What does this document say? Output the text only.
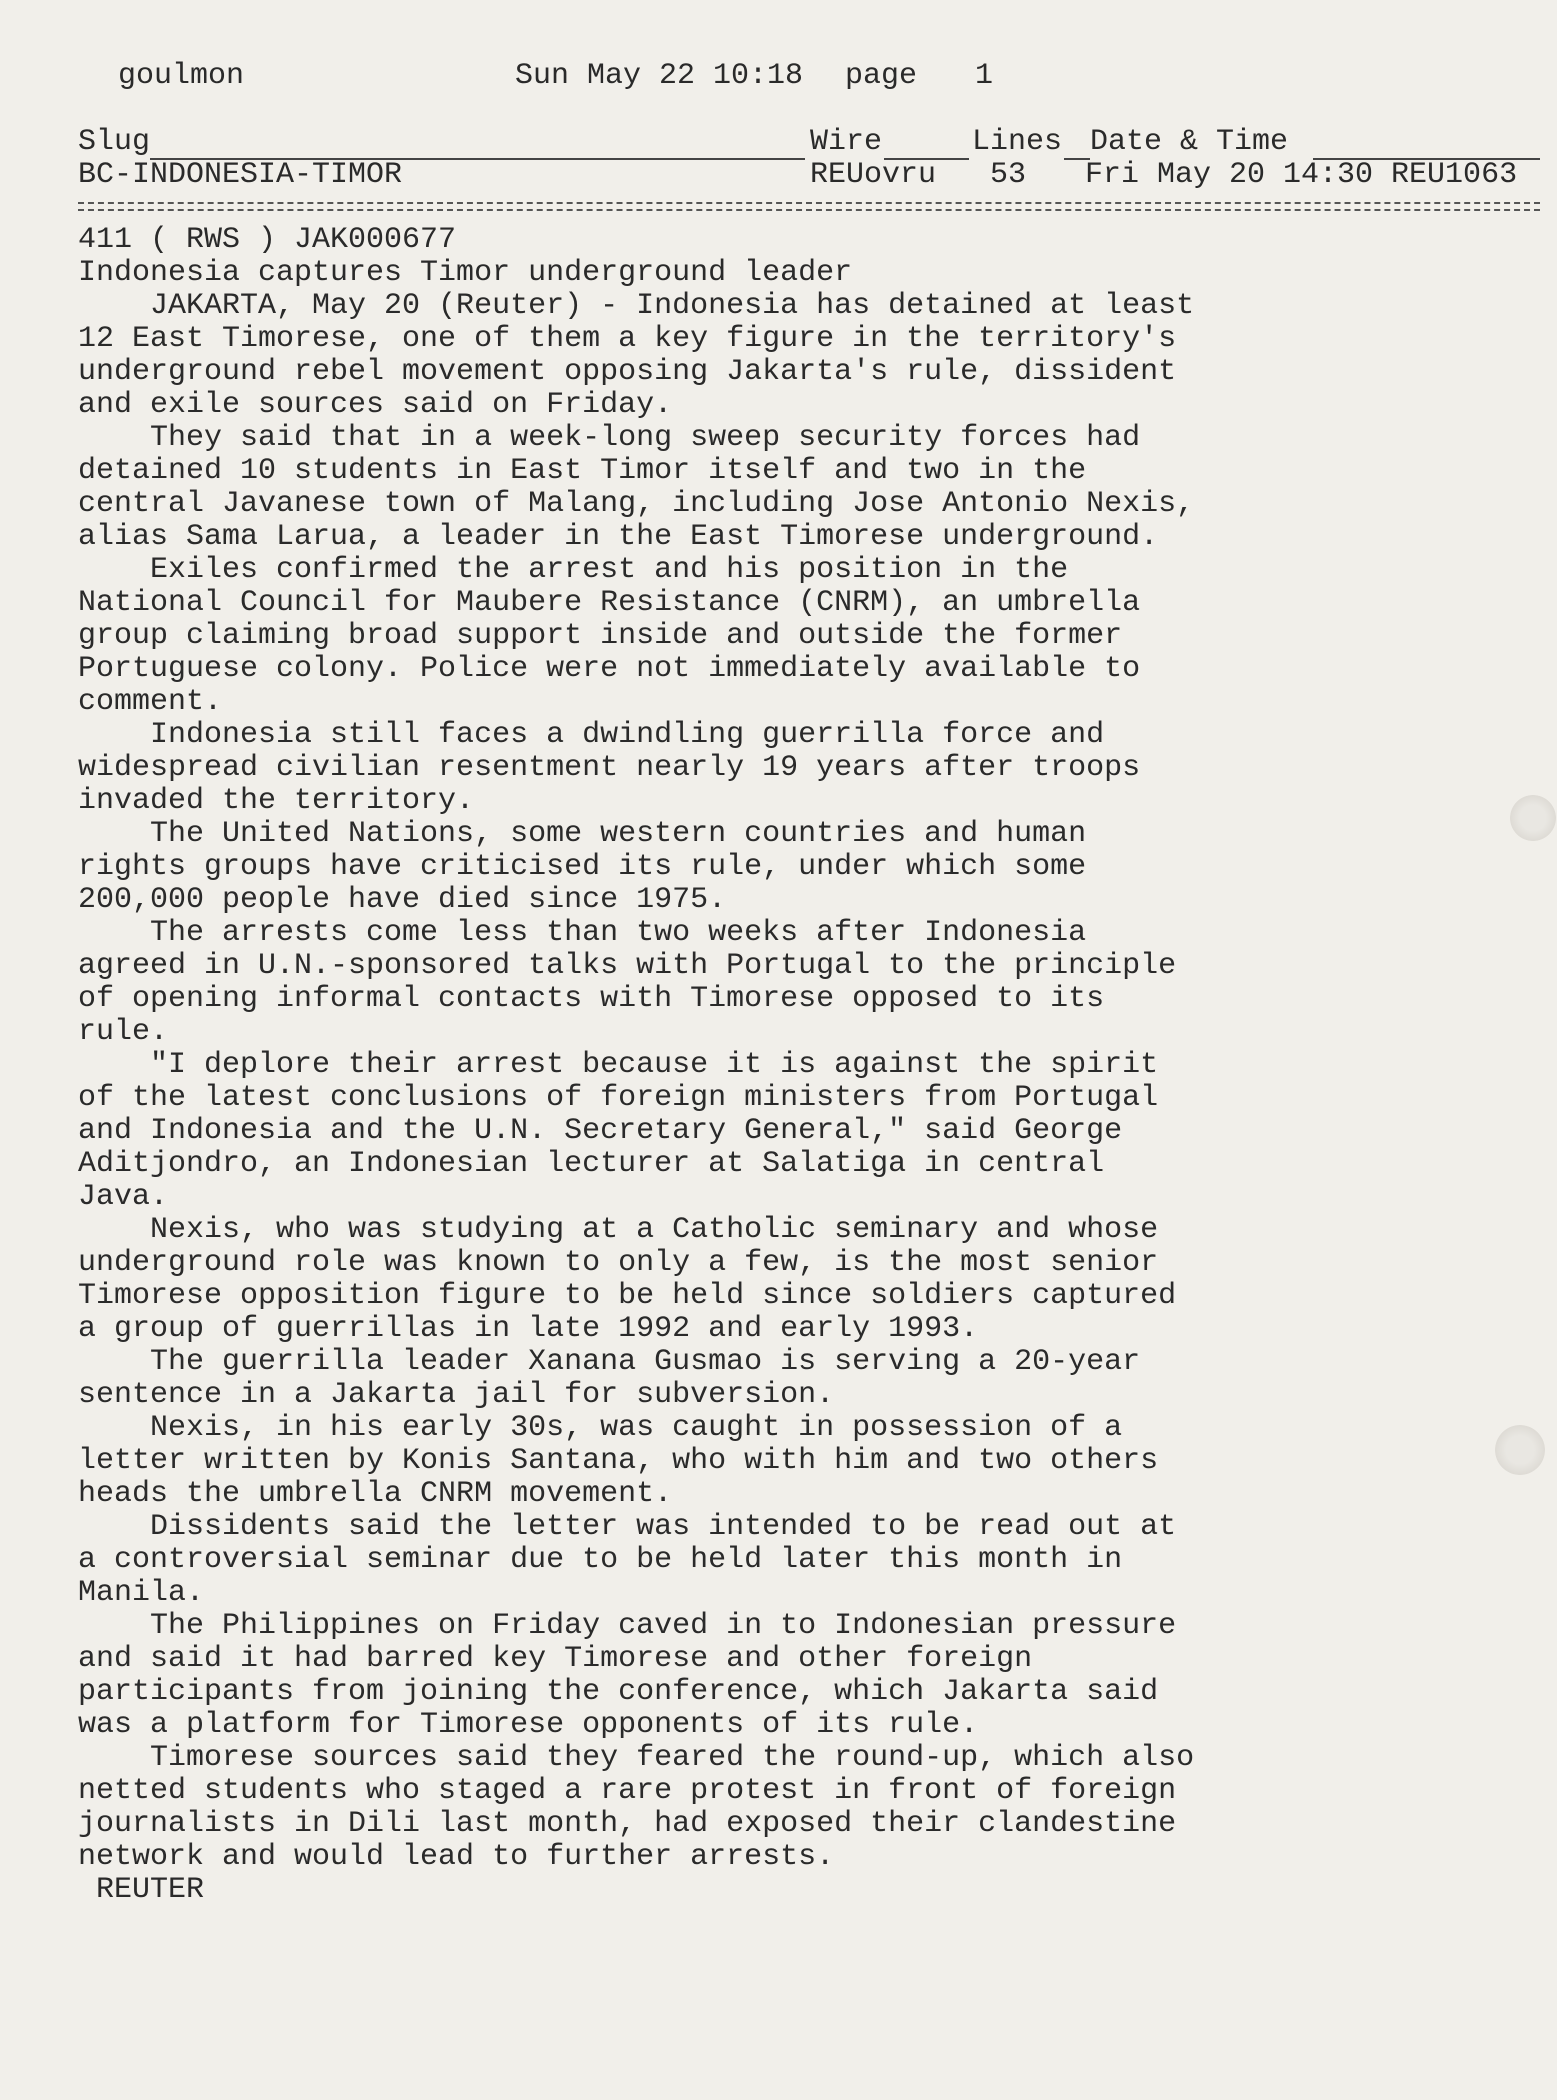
goulmon	Sun May 22 10:18 page 1
Slug	Wire	Lines Date & Time
BC-INDONESIA-TIMOR	REUovru 53 Fri May 20 14:30 REU1063
411 ( RWS ) JAK000677
Indonesia captures Timor underground leader
JAKARTA, May 20 (Reuter) - Indonesia has detained at least
12 East Timorese, one of them a key figure in the territory's
underground rebel movement opposing Jakarta's rule, dissident
and exile sources said on Friday.
They said that in a week-long sweep security forces had
detained 10 students in East Timor itself and two in the
central Javanese town of Malang, including Jose Antonio Nexis,
alias Sama Larua, a leader in the East Timorese underground.
Exiles confirmed the arrest and his position in the
National Council for Maubere Resistance (CNRM), an umbrella
group claiming broad support inside and outside the former
Portuguese colony. Police were not immediately available to
comment.
Indonesia still faces a dwindling guerrilla force and
widespread civilian resentment nearly 19 years after troops
invaded the territory.
The United Nations, some western countries and human
rights groups have criticised its rule, under which some
200,000 people have died since 1975.
The arrests come less than two weeks after Indonesia
agreed in U.N.-sponsored talks with Portugal to the principle
of opening informal contacts with Timorese opposed to its
rule.
"I deplore their arrest because it is against the spirit
of the latest conclusions of foreign ministers from Portugal
and Indonesia and the U.N. Secretary General," said George
Aditjondro, an Indonesian lecturer at Salatiga in central
Java.
Nexis, who was studying at a Catholic seminary and whose
underground role was known to only a few, is the most senior
Timorese opposition figure to be held since soldiers captured
a group of guerrillas in late 1992 and early 1993.
The guerrilla leader Xanana Gusmao is serving a 20-year
sentence in a Jakarta jail for subversion.
Nexis, in his early 30s, was caught in possession of a
letter written by Konis Santana, who with him and two others
heads the umbrella CNRM movement.
Dissidents said the letter was intended to be read out at
a controversial seminar due to be held later this month in
Manila.
The Philippines on Friday caved in to Indonesian pressure
and said it had barred key Timorese and other foreign
participants from joining the conference, which Jakarta said
was a platform for Timorese opponents of its rule.
Timorese sources said they feared the round-up, which also
netted students who staged a rare protest in front of foreign
journalists in Dili last month, had exposed their clandestine
network and would lead to further arrests.
REUTER
